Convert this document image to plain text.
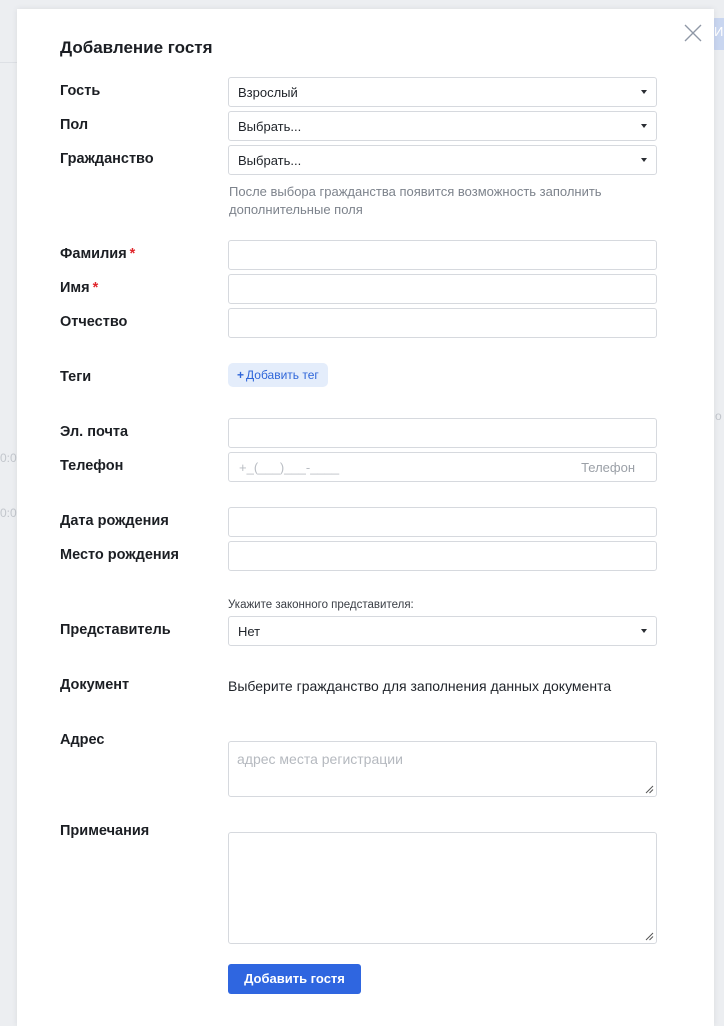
0:0
0:0
И
о
Добавление гостя
Гость	Взрослый
Пол	Выбрать...
Гражданство	Выбрать...
После выбора гражданства появится возможность заполнить дополнительные поля
Фамилия *
Имя *
Отчество
Теги	+ Добавить тег
Эл. почта
Телефон	+_(___)___-____	Телефон
Дата рождения
Место рождения
Укажите законного представителя:
Представитель	Нет
Документ	Выберите гражданство для заполнения данных документа
Адрес
адрес места регистрации
Примечания
Добавить гостя
